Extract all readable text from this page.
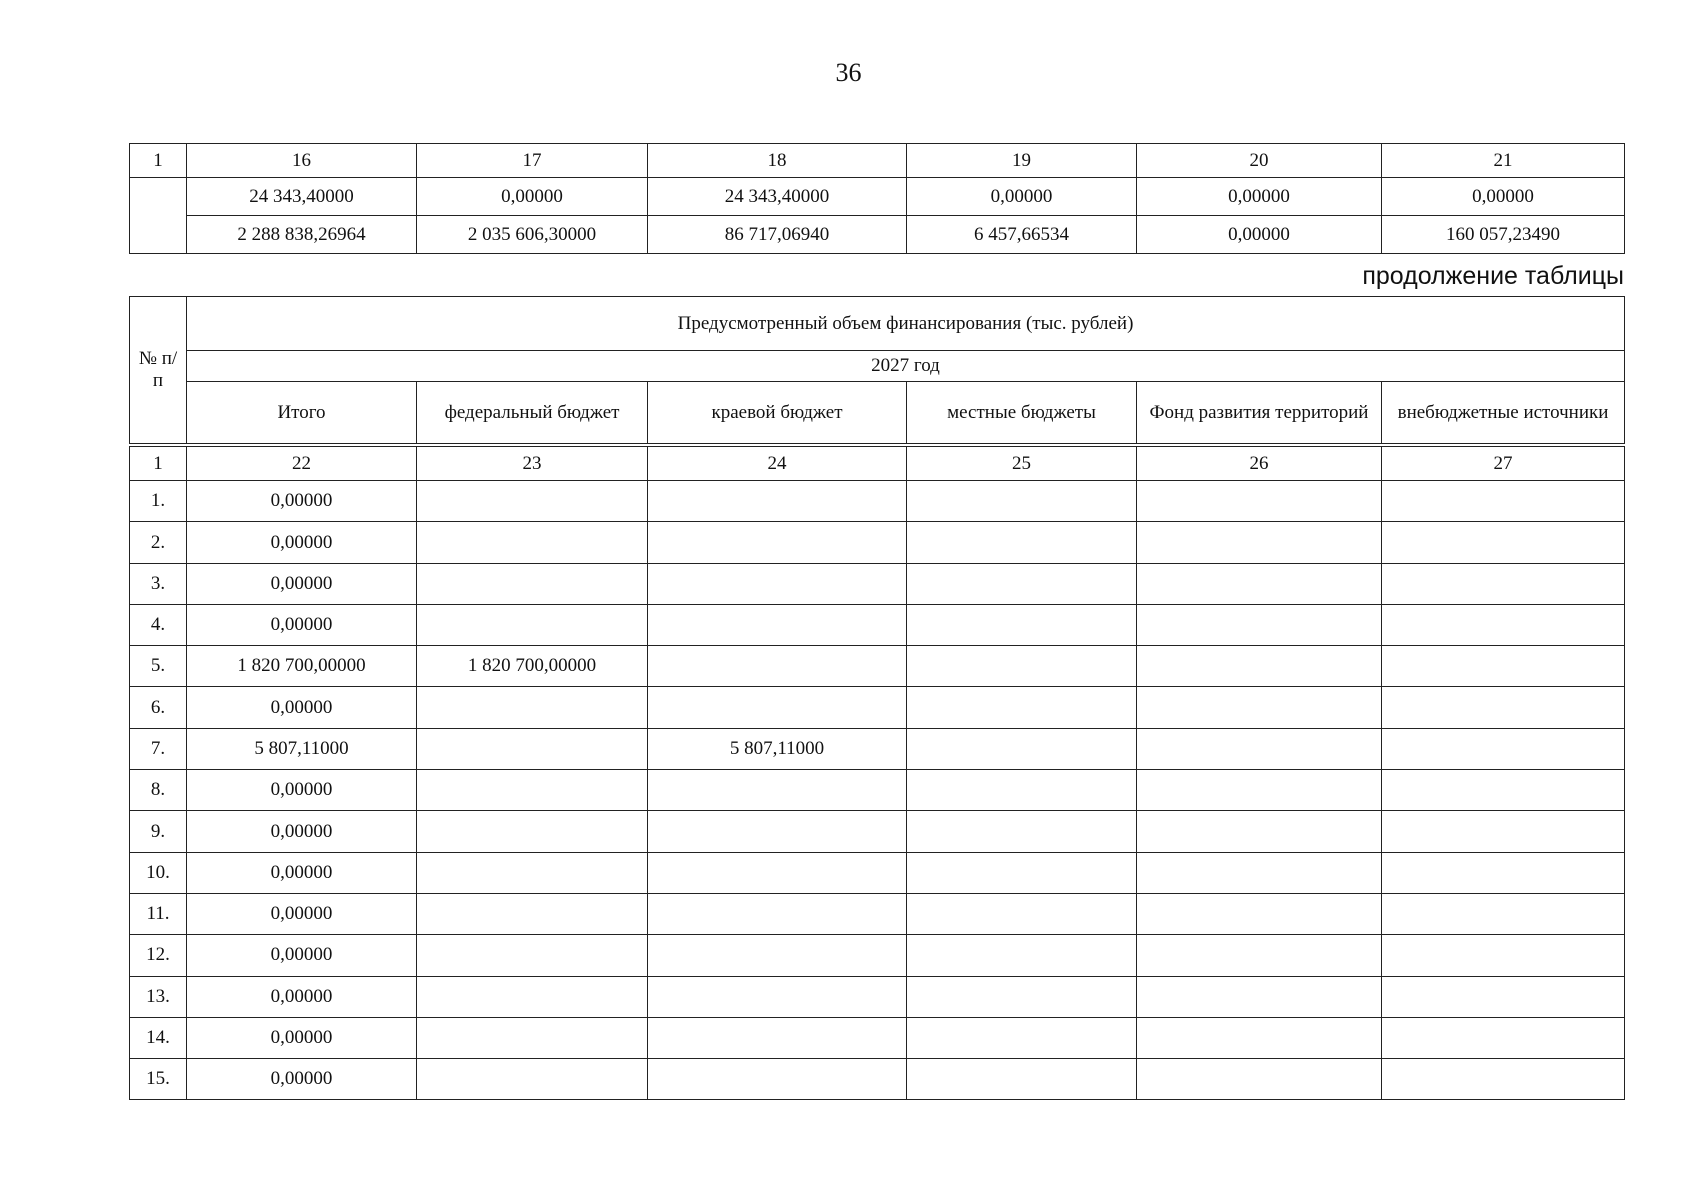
36
1	16	17	18	19	20	21
	24 343,40000	0,00000	24 343,40000	0,00000	0,00000	0,00000
	2 288 838,26964	2 035 606,30000	86 717,06940	6 457,66534	0,00000	160 057,23490
продолжение таблицы
№ п/п	Предусмотренный объем финансирования (тыс. рублей)					
	2027 год					
	Итого	федеральный бюджет	краевой бюджет	местные бюджеты	Фонд развития территорий	внебюджетные источники
1	22	23	24	25	26	27
1.	0,00000					
2.	0,00000					
3.	0,00000					
4.	0,00000					
5.	1 820 700,00000	1 820 700,00000				
6.	0,00000					
7.	5 807,11000		5 807,11000			
8.	0,00000					
9.	0,00000					
10.	0,00000					
11.	0,00000					
12.	0,00000					
13.	0,00000					
14.	0,00000					
15.	0,00000					
